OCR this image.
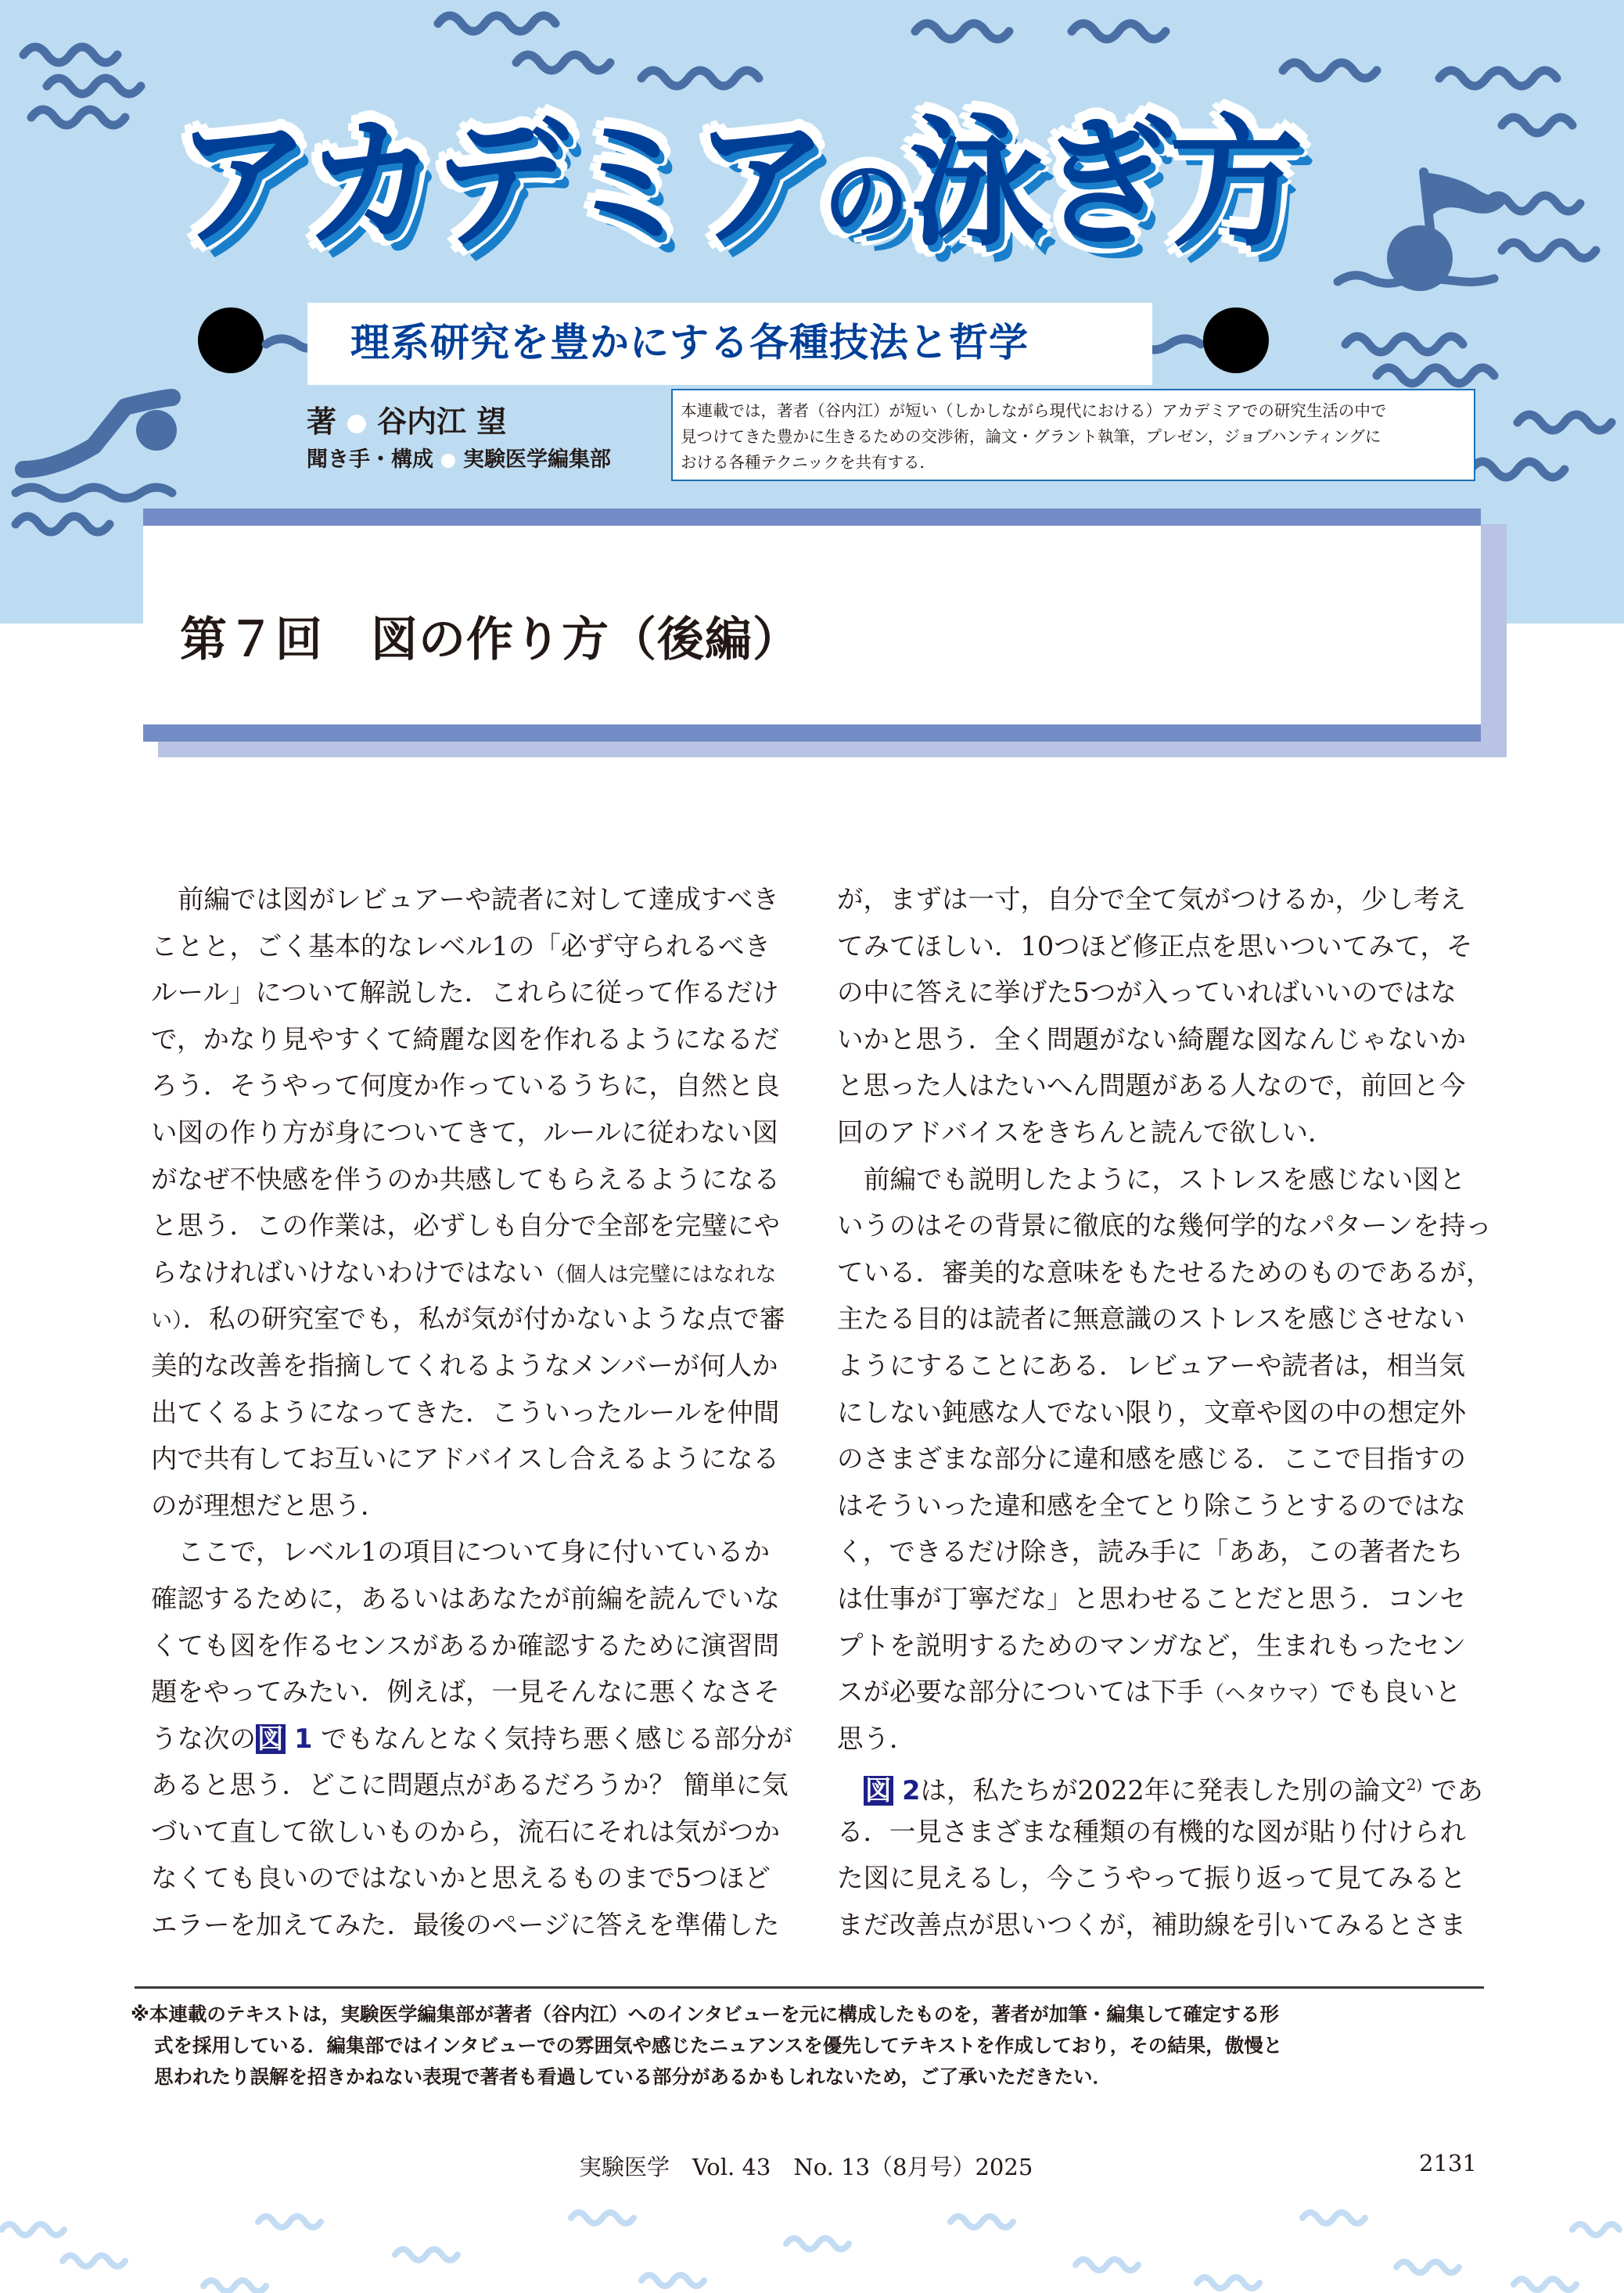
アカデミアの泳ぎ方
理系研究を豊かにする各種技法と哲学
著 谷内江 望
聞き手・構成 実験医学編集部
本連載では，著者（谷内江）が短い（しかしながら現代における）アカデミアでの研究生活の中で
見つけてきた豊かに生きるための交渉術，論文・グラント執筆，プレゼン，ジョブハンティングに
おける各種テクニックを共有する．
第７回　図の作り方（後編）
前編では図がレビュアーや読者に対して達成すべき
ことと，ごく基本的なレベル1の「必ず守られるべき
ルール」について解説した．これらに従って作るだけ
で，かなり見やすくて綺麗な図を作れるようになるだ
ろう．そうやって何度か作っているうちに，自然と良
い図の作り方が身についてきて，ルールに従わない図
がなぜ不快感を伴うのか共感してもらえるようになる
と思う．この作業は，必ずしも自分で全部を完璧にや
らなければいけないわけではない（個人は完璧にはなれな
い）．私の研究室でも，私が気が付かないような点で審
美的な改善を指摘してくれるようなメンバーが何人か
出てくるようになってきた．こういったルールを仲間
内で共有してお互いにアドバイスし合えるようになる
のが理想だと思う．
ここで，レベル1の項目について身に付いているか
確認するために，あるいはあなたが前編を読んでいな
くても図を作るセンスがあるか確認するために演習問
題をやってみたい．例えば，一見そんなに悪くなさそ
うな次の図 1 でもなんとなく気持ち悪く感じる部分が
あると思う．どこに問題点があるだろうか？ 簡単に気
づいて直して欲しいものから，流石にそれは気がつか
なくても良いのではないかと思えるものまで5つほど
エラーを加えてみた．最後のページに答えを準備した
が，まずは一寸，自分で全て気がつけるか，少し考え
てみてほしい．10つほど修正点を思いついてみて，そ
の中に答えに挙げた5つが入っていればいいのではな
いかと思う．全く問題がない綺麗な図なんじゃないか
と思った人はたいへん問題がある人なので，前回と今
回のアドバイスをきちんと読んで欲しい．
前編でも説明したように，ストレスを感じない図と
いうのはその背景に徹底的な幾何学的なパターンを持っ
ている．審美的な意味をもたせるためのものであるが，
主たる目的は読者に無意識のストレスを感じさせない
ようにすることにある．レビュアーや読者は，相当気
にしない鈍感な人でない限り，文章や図の中の想定外
のさまざまな部分に違和感を感じる．ここで目指すの
はそういった違和感を全てとり除こうとするのではな
く，できるだけ除き，読み手に「ああ，この著者たち
は仕事が丁寧だな」と思わせることだと思う．コンセ
プトを説明するためのマンガなど，生まれもったセン
スが必要な部分については下手（ヘタウマ）でも良いと
思う．
図 2は，私たちが2022年に発表した別の論文$^{2)}$ であ
る．一見さまざまな種類の有機的な図が貼り付けられ
た図に見えるし，今こうやって振り返って見てみると
まだ改善点が思いつくが，補助線を引いてみるとさま
※本連載のテキストは，実験医学編集部が著者（谷内江）へのインタビューを元に構成したものを，著者が加筆・編集して確定する形
式を採用している．編集部ではインタビューでの雰囲気や感じたニュアンスを優先してテキストを作成しており，その結果，傲慢と
思われたり誤解を招きかねない表現で著者も看過している部分があるかもしれないため，ご了承いただきたい．
実験医学　Vol. 43　No. 13（8月号）2025	2131
